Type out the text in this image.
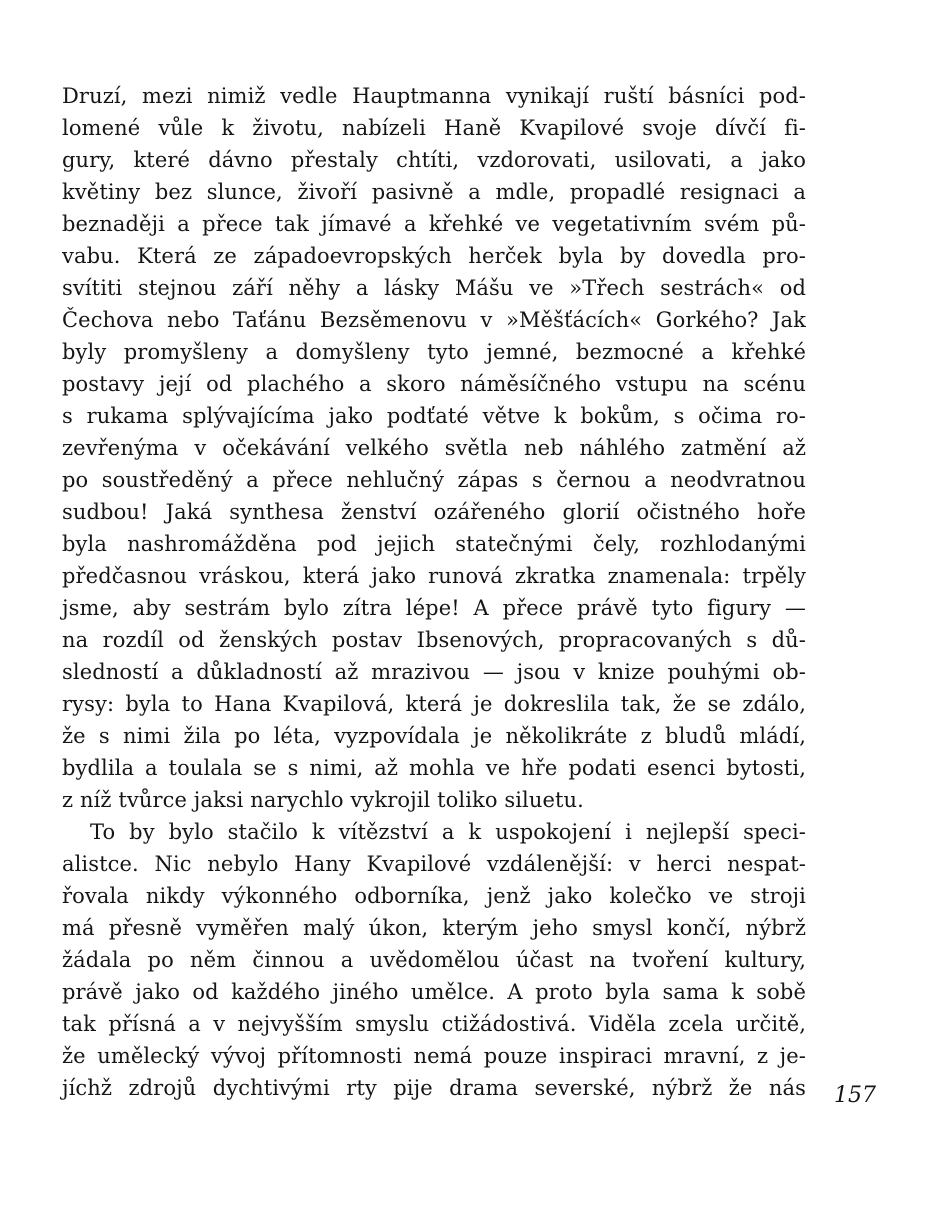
Druzí, mezi nimiž vedle Hauptmanna vynikají ruští básníci pod-
lomené vůle k životu, nabízeli Haně Kvapilové svoje dívčí fi-
gury, které dávno přestaly chtíti, vzdorovati, usilovati, a jako
květiny bez slunce, živoří pasivně a mdle, propadlé resignaci a
beznaději a přece tak jímavé a křehké ve vegetativním svém pů-
vabu. Která ze západoevropských herček byla by dovedla pro-
svítiti stejnou září něhy a lásky Mášu ve »Třech sestrách« od
Čechova nebo Taťánu Bezsěmenovu v »Měšťácích« Gorkého? Jak
byly promyšleny a domyšleny tyto jemné, bezmocné a křehké
postavy její od plachého a skoro náměsíčného vstupu na scénu
s rukama splývajícíma jako podťaté větve k bokům, s očima ro-
zevřenýma v očekávání velkého světla neb náhlého zatmění až
po soustředěný a přece nehlučný zápas s černou a neodvratnou
sudbou! Jaká synthesa ženství ozářeného glorií očistného hoře
byla nashromážděna pod jejich statečnými čely, rozhlodanými
předčasnou vráskou, která jako runová zkratka znamenala: trpěly
jsme, aby sestrám bylo zítra lépe! A přece právě tyto figury —
na rozdíl od ženských postav Ibsenových, propracovaných s dů-
sledností a důkladností až mrazivou — jsou v knize pouhými ob-
rysy: byla to Hana Kvapilová, která je dokreslila tak, že se zdálo,
že s nimi žila po léta, vyzpovídala je několikráte z bludů mládí,
bydlila a toulala se s nimi, až mohla ve hře podati esenci bytosti,
z níž tvůrce jaksi narychlo vykrojil toliko siluetu.
To by bylo stačilo k vítězství a k uspokojení i nejlepší speci-
alistce. Nic nebylo Hany Kvapilové vzdálenější: v herci nespat-
řovala nikdy výkonného odborníka, jenž jako kolečko ve stroji
má přesně vyměřen malý úkon, kterým jeho smysl končí, nýbrž
žádala po něm činnou a uvědomělou účast na tvoření kultury,
právě jako od každého jiného umělce. A proto byla sama k sobě
tak přísná a v nejvyšším smyslu ctižádostivá. Viděla zcela určitě,
že umělecký vývoj přítomnosti nemá pouze inspiraci mravní, z je-
jíchž zdrojů dychtivými rty pije drama severské, nýbrž že nás 157
